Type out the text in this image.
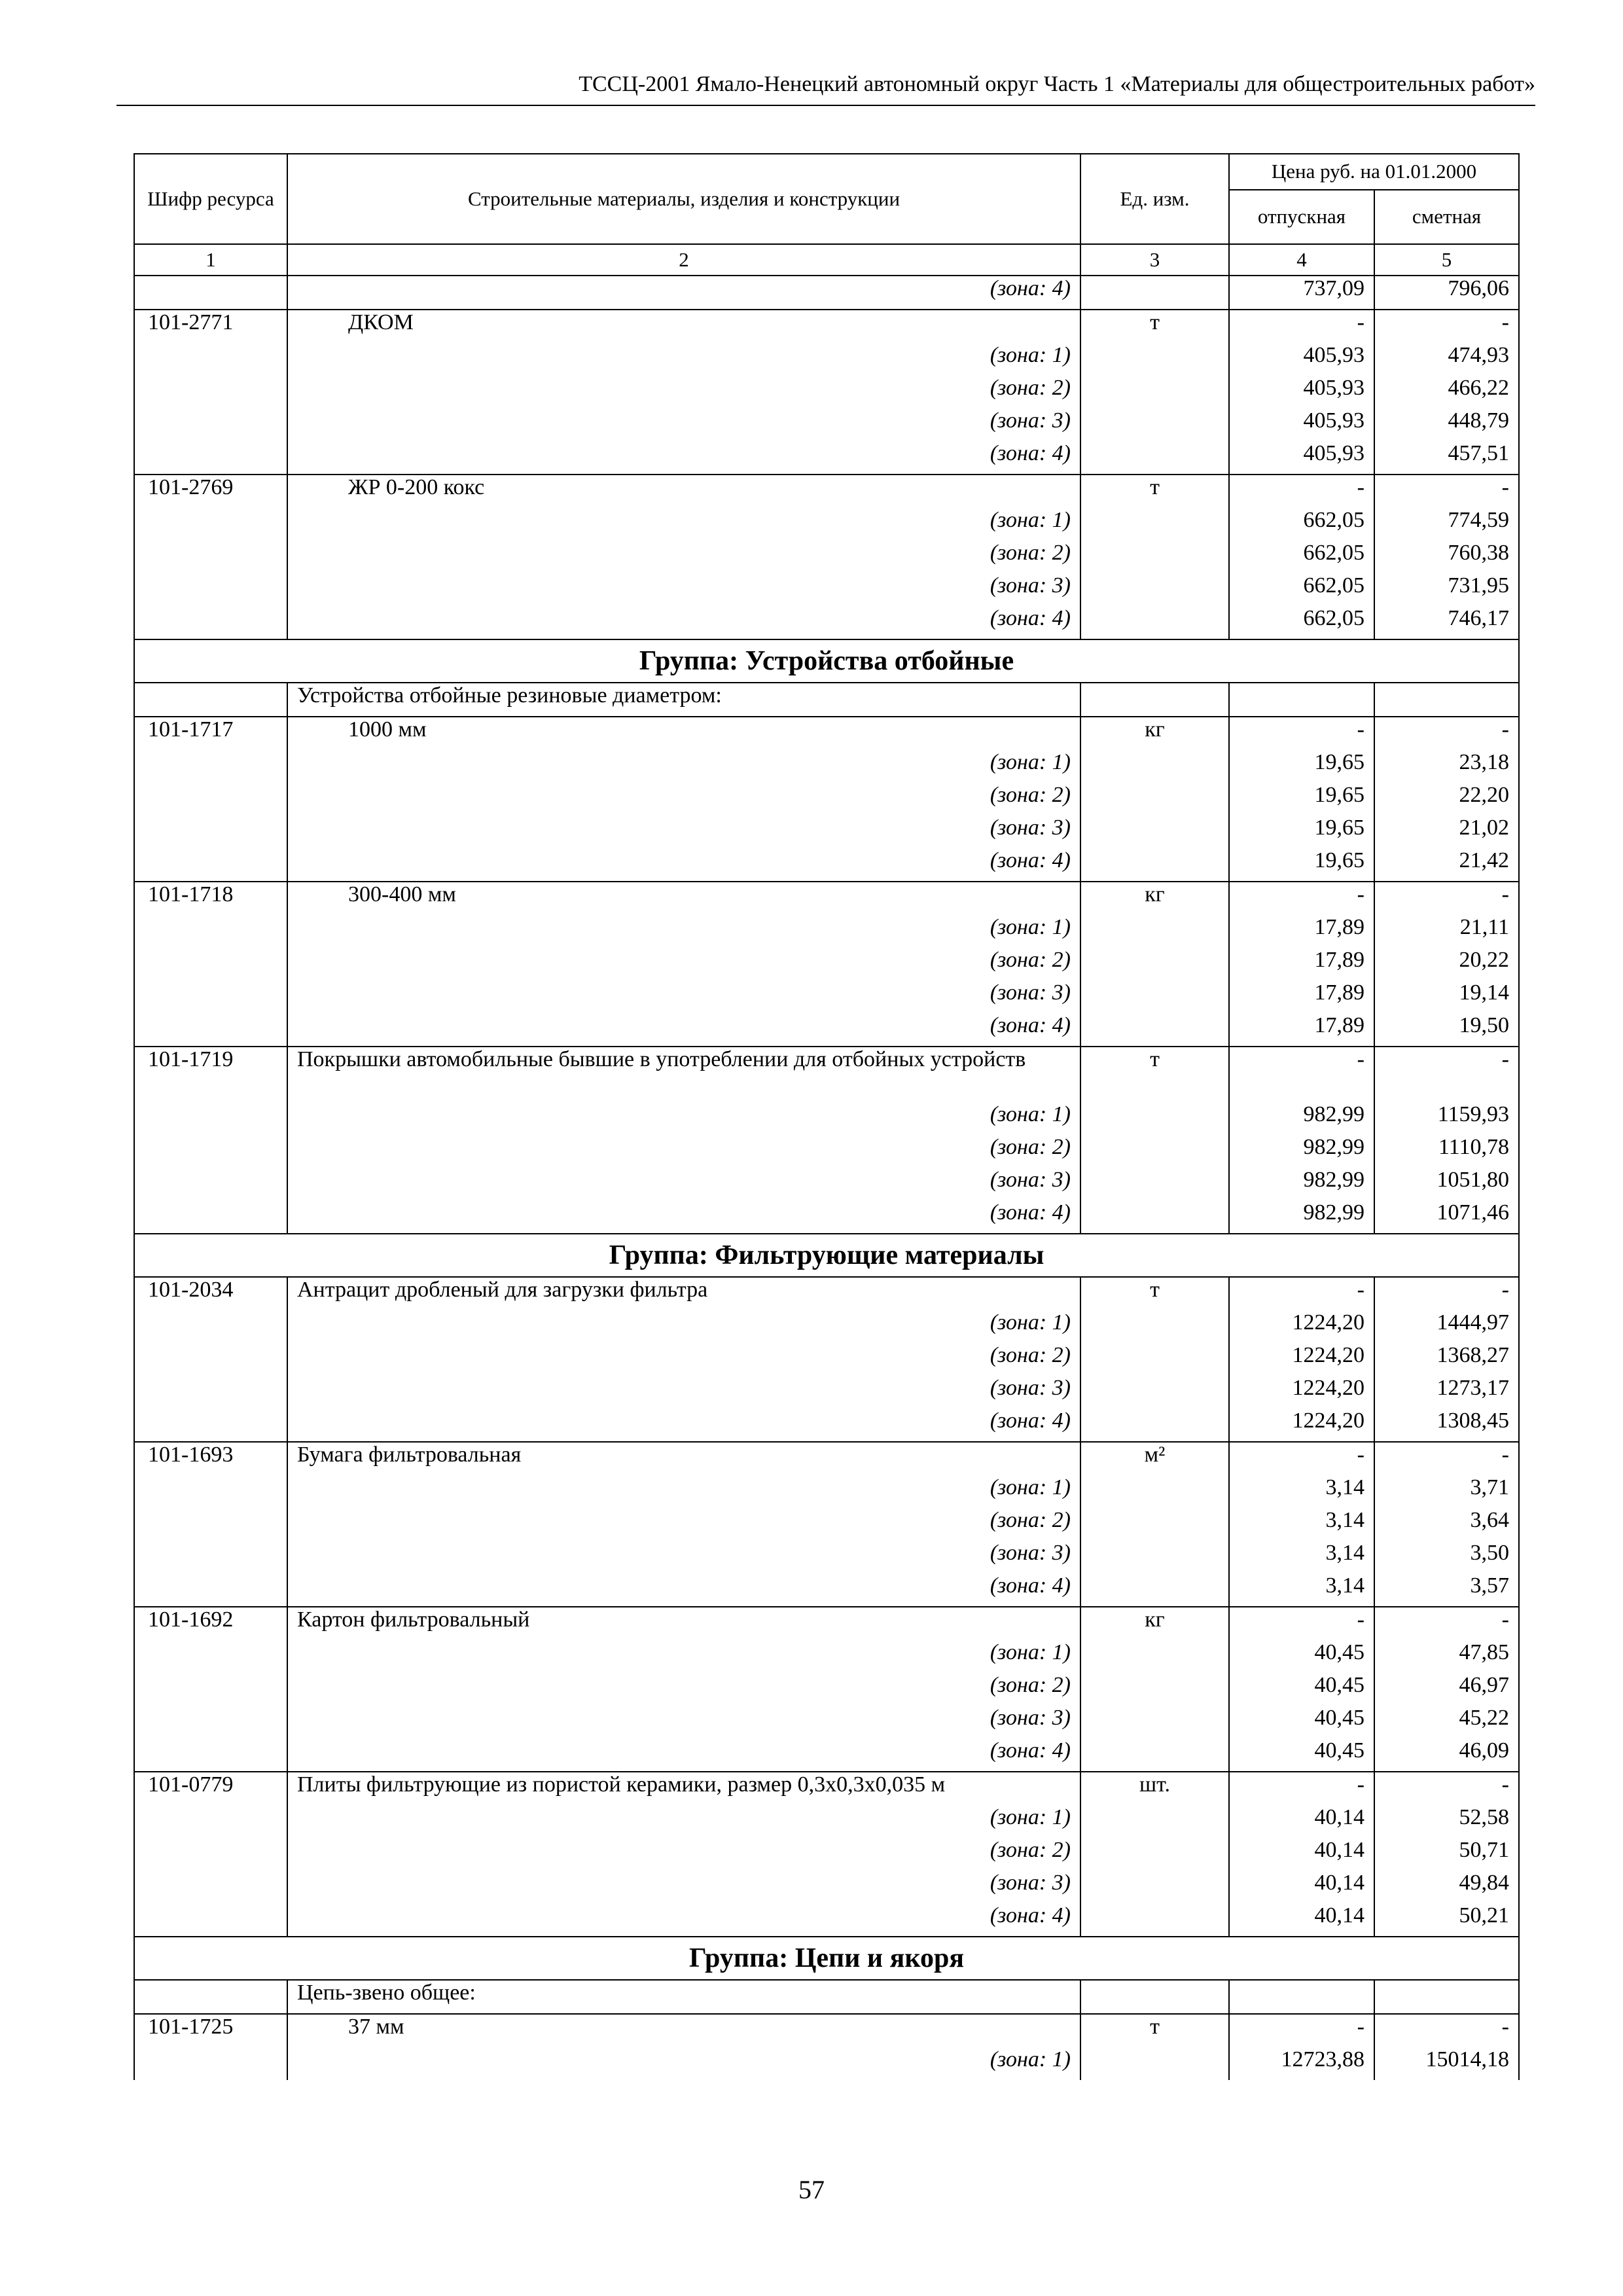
ТССЦ-2001 Ямало-Ненецкий автономный округ Часть 1 «Материалы для общестроительных работ»
Шифр ресурса	Строительные материалы, изделия и конструкции	Ед. изм.	Цена руб. на 01.01.2000	
			отпускная	сметная
1	2	3	4	5
	(зона: 4)		737,09	796,06
101-2771	ДКОМ	т	-	-
	(зона: 1)		405,93	474,93
	(зона: 2)		405,93	466,22
	(зона: 3)		405,93	448,79
	(зона: 4)		405,93	457,51
101-2769	ЖР 0-200 кокс	т	-	-
	(зона: 1)		662,05	774,59
	(зона: 2)		662,05	760,38
	(зона: 3)		662,05	731,95
	(зона: 4)		662,05	746,17
Группа: Устройства отбойные				
	Устройства отбойные резиновые диаметром:			
101-1717	1000 мм	кг	-	-
	(зона: 1)		19,65	23,18
	(зона: 2)		19,65	22,20
	(зона: 3)		19,65	21,02
	(зона: 4)		19,65	21,42
101-1718	300-400 мм	кг	-	-
	(зона: 1)		17,89	21,11
	(зона: 2)		17,89	20,22
	(зона: 3)		17,89	19,14
	(зона: 4)		17,89	19,50
101-1719	Покрышки автомобильные бывшие в употреблении для отбойных устройств	т	-	-
	(зона: 1)		982,99	1159,93
	(зона: 2)		982,99	1110,78
	(зона: 3)		982,99	1051,80
	(зона: 4)		982,99	1071,46
Группа: Фильтрующие материалы				
101-2034	Антрацит дробленый для загрузки фильтра	т	-	-
	(зона: 1)		1224,20	1444,97
	(зона: 2)		1224,20	1368,27
	(зона: 3)		1224,20	1273,17
	(зона: 4)		1224,20	1308,45
101-1693	Бумага фильтровальная	м²	-	-
	(зона: 1)		3,14	3,71
	(зона: 2)		3,14	3,64
	(зона: 3)		3,14	3,50
	(зона: 4)		3,14	3,57
101-1692	Картон фильтровальный	кг	-	-
	(зона: 1)		40,45	47,85
	(зона: 2)		40,45	46,97
	(зона: 3)		40,45	45,22
	(зона: 4)		40,45	46,09
101-0779	Плиты фильтрующие из пористой керамики, размер 0,3х0,3х0,035 м	шт.	-	-
	(зона: 1)		40,14	52,58
	(зона: 2)		40,14	50,71
	(зона: 3)		40,14	49,84
	(зона: 4)		40,14	50,21
Группа: Цепи и якоря				
	Цепь-звено общее:			
101-1725	37 мм	т	-	-
	(зона: 1)		12723,88	15014,18
57
